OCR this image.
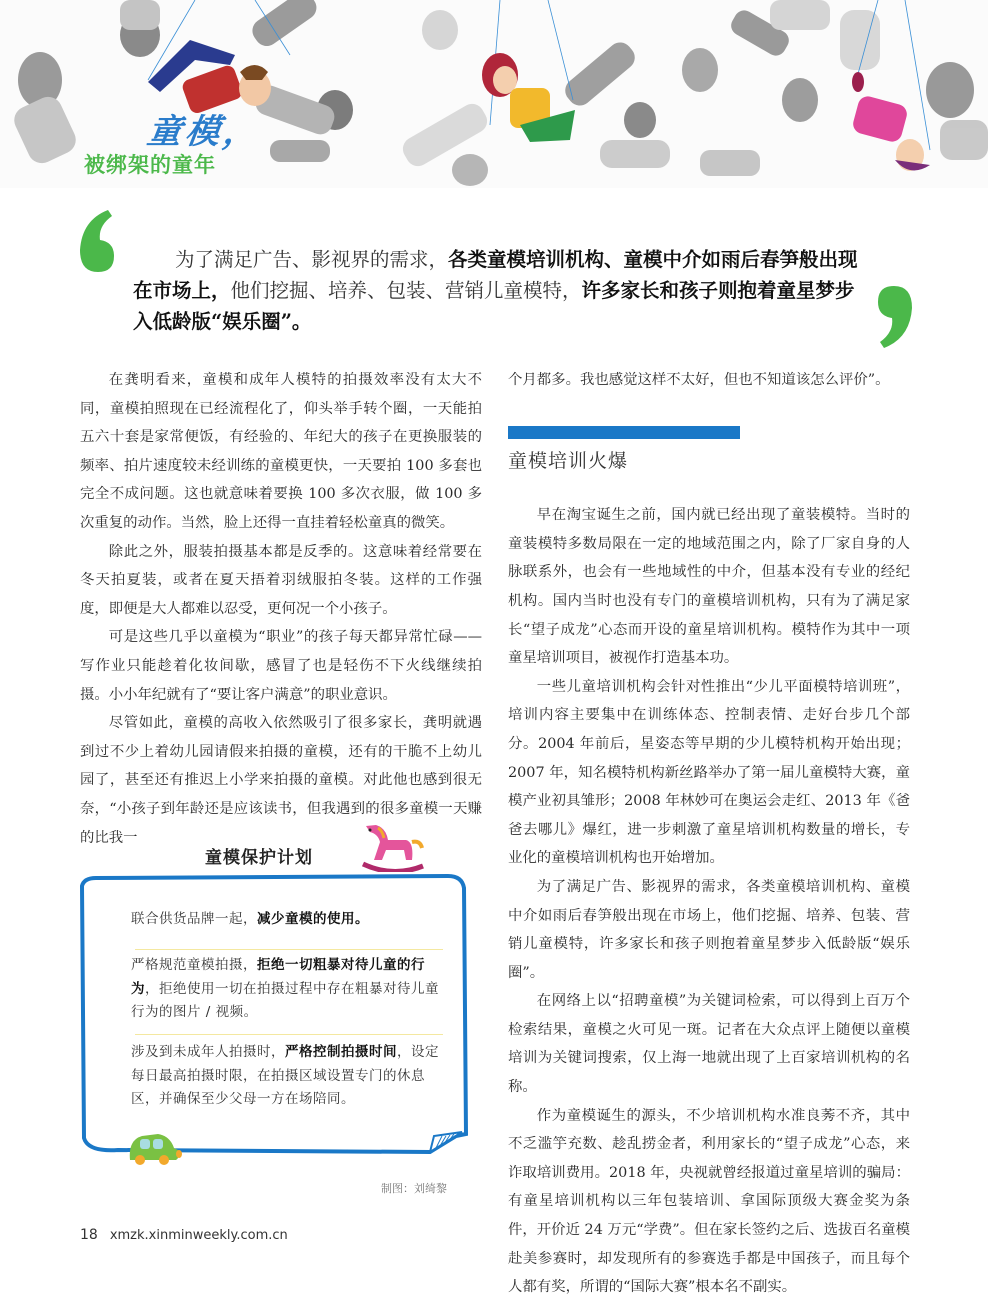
童模，
被绑架的童年
为了满足广告、影视界的需求，各类童模培训机构、童模中介如雨后春笋般出现在市场上，他们挖掘、培养、包装、营销儿童模特，许多家长和孩子则抱着童星梦步入低龄版“娱乐圈”。

在龚明看来，童模和成年人模特的拍摄效率没有太大不同，童模拍照现在已经流程化了，仰头举手转个圈，一天能拍五六十套是家常便饭，有经验的、年纪大的孩子在更换服装的频率、拍片速度较未经训练的童模更快，一天要拍 100 多套也完全不成问题。这也就意味着要换 100 多次衣服，做 100 多次重复的动作。当然，脸上还得一直挂着轻松童真的微笑。

除此之外，服装拍摄基本都是反季的。这意味着经常要在冬天拍夏装，或者在夏天捂着羽绒服拍冬装。这样的工作强度，即便是大人都难以忍受，更何况一个小孩子。

可是这些几乎以童模为“职业”的孩子每天都异常忙碌——写作业只能趁着化妆间歇，感冒了也是轻伤不下火线继续拍摄。小小年纪就有了“要让客户满意”的职业意识。

尽管如此，童模的高收入依然吸引了很多家长，龚明就遇到过不少上着幼儿园请假来拍摄的童模，还有的干脆不上幼儿园了，甚至还有推迟上小学来拍摄的童模。对此他也感到很无奈，“小孩子到年龄还是应该读书，但我遇到的很多童模一天赚的比我一

童模保护计划
联合供货品牌一起，减少童模的使用。
严格规范童模拍摄，拒绝一切粗暴对待儿童的行为，拒绝使用一切在拍摄过程中存在粗暴对待儿童行为的图片 / 视频。
涉及到未成年人拍摄时，严格控制拍摄时间，设定每日最高拍摄时限，在拍摄区域设置专门的休息区，并确保至少父母一方在场陪同。
制图：刘绮黎

个月都多。我也感觉这样不太好，但也不知道该怎么评价”。

童模培训火爆

早在淘宝诞生之前，国内就已经出现了童装模特。当时的童装模特多数局限在一定的地域范围之内，除了厂家自身的人脉联系外，也会有一些地域性的中介，但基本没有专业的经纪机构。国内当时也没有专门的童模培训机构，只有为了满足家长“望子成龙”心态而开设的童星培训机构。模特作为其中一项童星培训项目，被视作打造基本功。

一些儿童培训机构会针对性推出“少儿平面模特培训班”，培训内容主要集中在训练体态、控制表情、走好台步几个部分。2004 年前后，星姿态等早期的少儿模特机构开始出现；2007 年，知名模特机构新丝路举办了第一届儿童模特大赛，童模产业初具雏形；2008 年林妙可在奥运会走红、2013 年《爸爸去哪儿》爆红，进一步刺激了童星培训机构数量的增长，专业化的童模培训机构也开始增加。

为了满足广告、影视界的需求，各类童模培训机构、童模中介如雨后春笋般出现在市场上，他们挖掘、培养、包装、营销儿童模特，许多家长和孩子则抱着童星梦步入低龄版“娱乐圈”。

在网络上以“招聘童模”为关键词检索，可以得到上百万个检索结果，童模之火可见一斑。记者在大众点评上随便以童模培训为关键词搜索，仅上海一地就出现了上百家培训机构的名称。

作为童模诞生的源头，不少培训机构水准良莠不齐，其中不乏滥竽充数、趁乱捞金者，利用家长的“望子成龙”心态，来诈取培训费用。2018 年，央视就曾经报道过童星培训的骗局：有童星培训机构以三年包装培训、拿国际顶级大赛金奖为条件，开价近 24 万元“学费”。但在家长签约之后、选拔百名童模赴美参赛时，却发现所有的参赛选手都是中国孩子，而且每个人都有奖，所谓的“国际大赛”根本名不副实。

18 xmzk.xinminweekly.com.cn
